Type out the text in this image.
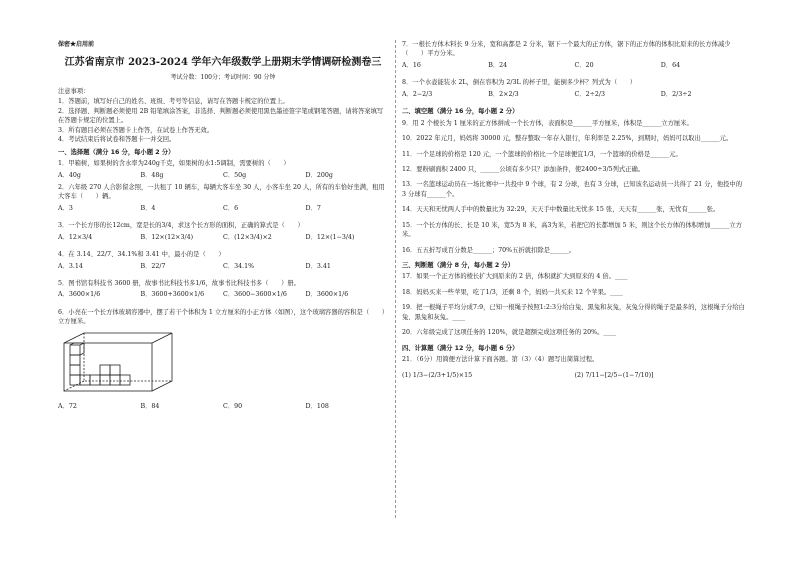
保密★启用前
江苏省南京市 2023-2024 学年六年级数学上册期末学情调研检测卷三
考试分数：100分；考试时间：90 分钟
注意事项：

1．答题前，填写好自己的姓名、班级、考号等信息，请写在答题卡规定的位置上。

2．选择题、判断题必须使用 2B 铅笔填涂答案，非选择、判断题必须使用黑色墨迹签字笔或钢笔答题，请将答案填写在答题卡规定的位置上。

3．所有题目必须在答题卡上作答，在试卷上作答无效。

4．考试结束后将试卷和答题卡一并交回。

一、选择题（满分 16 分，每小题 2 分）
1．甲箱树，如果树的含水率为240g千克，如果树的水1:5调制，需要树的（　　）
A．40g	B．48g	C．50g	D．200g
2．六年级 270 人合影留念照，一共租了 10 辆车，每辆大客车坐 30 人，小客车坐 20 人，所有的车恰好坐满，租用大客车（　　）辆。
A．3	B．4	C．6	D．7
3．一个长方形的长12cm，宽是长的3/4，求这个长方形的面积，正确的算式是（　　）
A．12×3/4	B．12×(12×3/4)	C．(12×3/4)×2	D．12×(1−3/4)
4．在 3.14、22/7、34.1%和 3.41 中，最小的是（　　）
A．3.14	B．22/7	C．34.1%	D．3.41
5．图书馆有科技书 3600 册，故事书比科技书多1/6，故事书比科技书多（　　）册。
A．3600×1/6	B．3600+3600×1/6	C．3600−3600×1/6	D．3600×1/6
6．小亮在一个长方体玻璃容器中，摆了若干个体积为 1 立方厘米的小正方体（如图），这个玻璃容器的容积是（　　）立方厘米。
A．72	B．84	C．90	D．108
7．一根长方体木料长 9 分米，宽和高都是 2 分米，锯下一个最大的正方体，锯下的正方体的体积比原来的长方体减少（　　）平方分米。
A．16	B．24	C．20	D．64
8．一个水壶能装水 2L，倒在容积为 2/3L 的杯子里，能倒多少杯？列式为（　　）
A．2−2/3	B．2×2/3	C．2÷2/3	D．2/3÷2
二、填空题（满分 16 分，每小题 2 分）
9．用 2 个棱长为 1 厘米的正方体拼成一个长方体，表面积是______平方厘米，体积是______立方厘米。
10．2022 年元月，妈妈将 30000 元，整存整取一年存入银行，年利率是 2.25%，到期时，妈妈可以取出______元。
11．一个足球的价格是 120 元，一个篮球的价格比一个足球便宜1/3，一个篮球的价格是______元。
12．要粉刷面积 2400 只，______公顷有多少只？添加条件，使2400÷3/5列式正确。
13．一名篮球运动员在一场比赛中一共投中 9 个球，有 2 分球，也有 3 分球，已知该名运动员一共得了 21 分，他投中的 3 分球有______个。
14．天天和无忧两人手中的数量比为 32:29，天天手中数量比无忧多 15 张，天天有______张，无忧有______张。
15．一个长方体的长、长是 10 米，宽5为 8 米，高3为米，若把它的长都增加 5 米，则这个长方体的体积增加______立方米。
16．五五折写成百分数是______；70%五折就扣除是______。
三、判断题（满分 8 分，每小题 2 分）
17．如果一个正方体的棱长扩大到原来的 2 倍，体积就扩大到原来的 4 倍。____
18．妈妈买来一些苹果，吃了1/3，还剩 8 个，妈妈一共买来 12 个苹果。____
19．把一根绳子平均分成7:9，已知一根绳子按照1:2:3分给白兔、黑兔和灰兔，灰兔分得的绳子是最多的，这根绳子分给白兔、黑兔和灰兔。____
20．六年级完成了这项任务的 120%，就是超额完成这项任务的 20%。____
四、计算题（满分 12 分，每小题 6 分）
21．（6分）用简便方法计算下面各题。第（3）（4）题写出简算过程。
(1) 1/3−(2/3+1/5)×15	(2) 7/11−[2/5−(1−7/10)]
